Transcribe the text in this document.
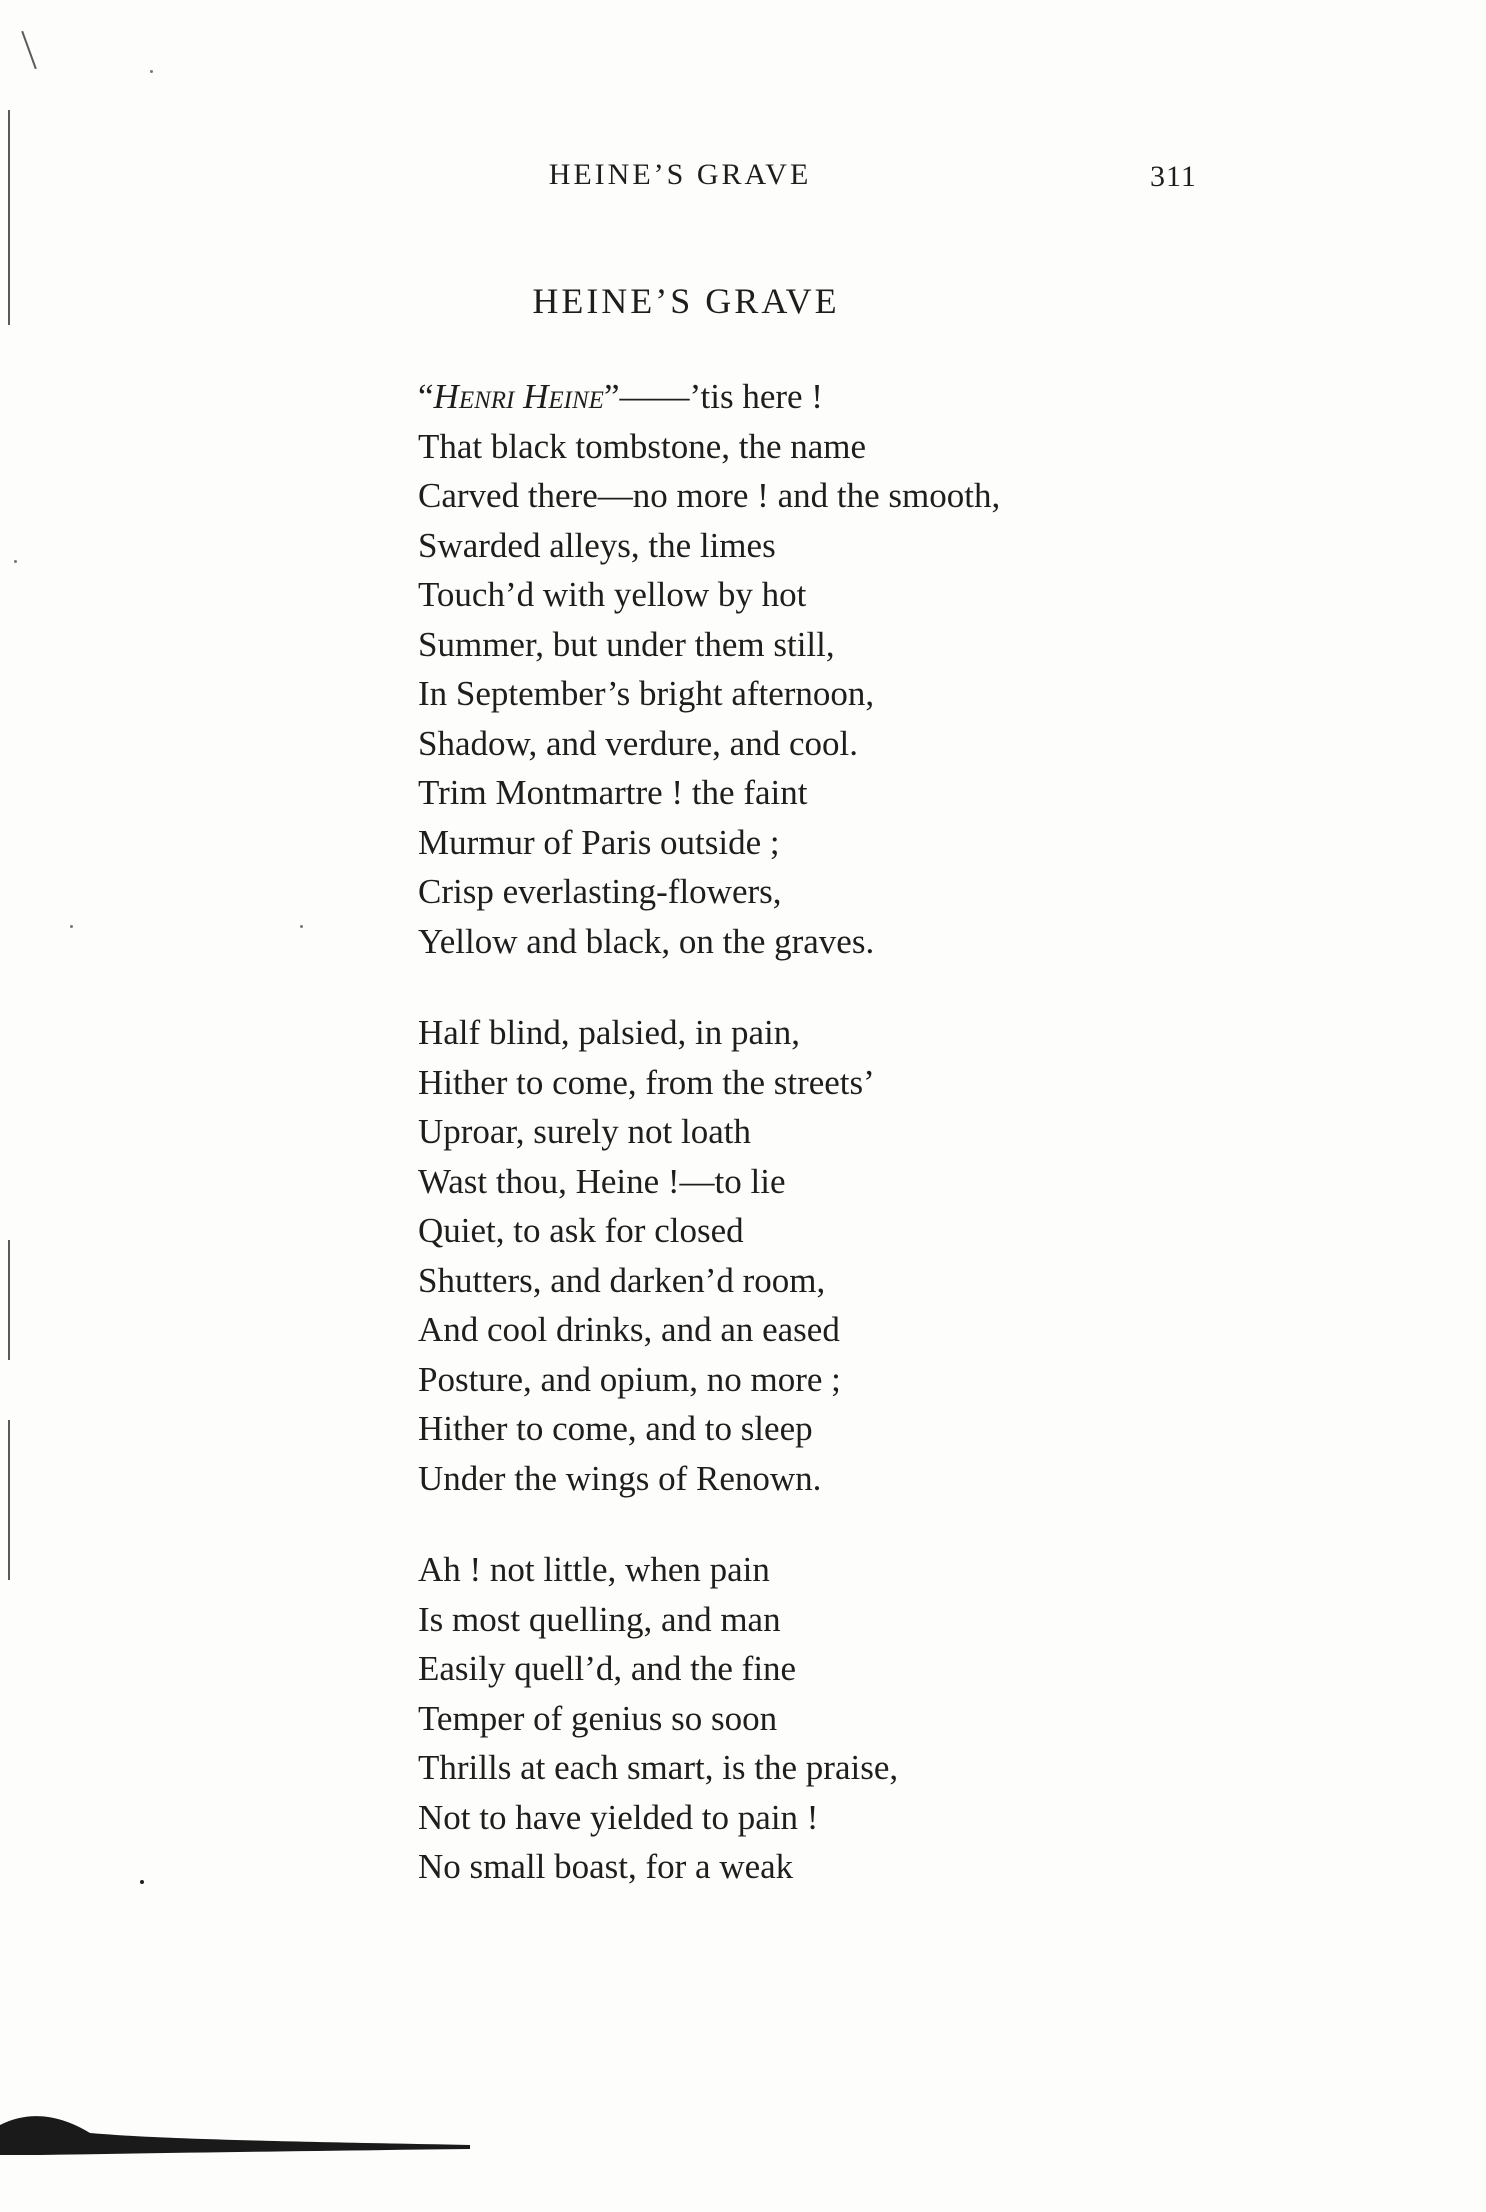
HEINE’S GRAVE	311
HEINE’S GRAVE
“Henri Heine”——’tis here !
That black tombstone, the name
Carved there—no more ! and the smooth,
Swarded alleys, the limes
Touch’d with yellow by hot
Summer, but under them still,
In September’s bright afternoon,
Shadow, and verdure, and cool.
Trim Montmartre ! the faint
Murmur of Paris outside ;
Crisp everlasting-flowers,
Yellow and black, on the graves.
Half blind, palsied, in pain,
Hither to come, from the streets’
Uproar, surely not loath
Wast thou, Heine !—to lie
Quiet, to ask for closed
Shutters, and darken’d room,
And cool drinks, and an eased
Posture, and opium, no more ;
Hither to come, and to sleep
Under the wings of Renown.
Ah ! not little, when pain
Is most quelling, and man
Easily quell’d, and the fine
Temper of genius so soon
Thrills at each smart, is the praise,
Not to have yielded to pain !
No small boast, for a weak
